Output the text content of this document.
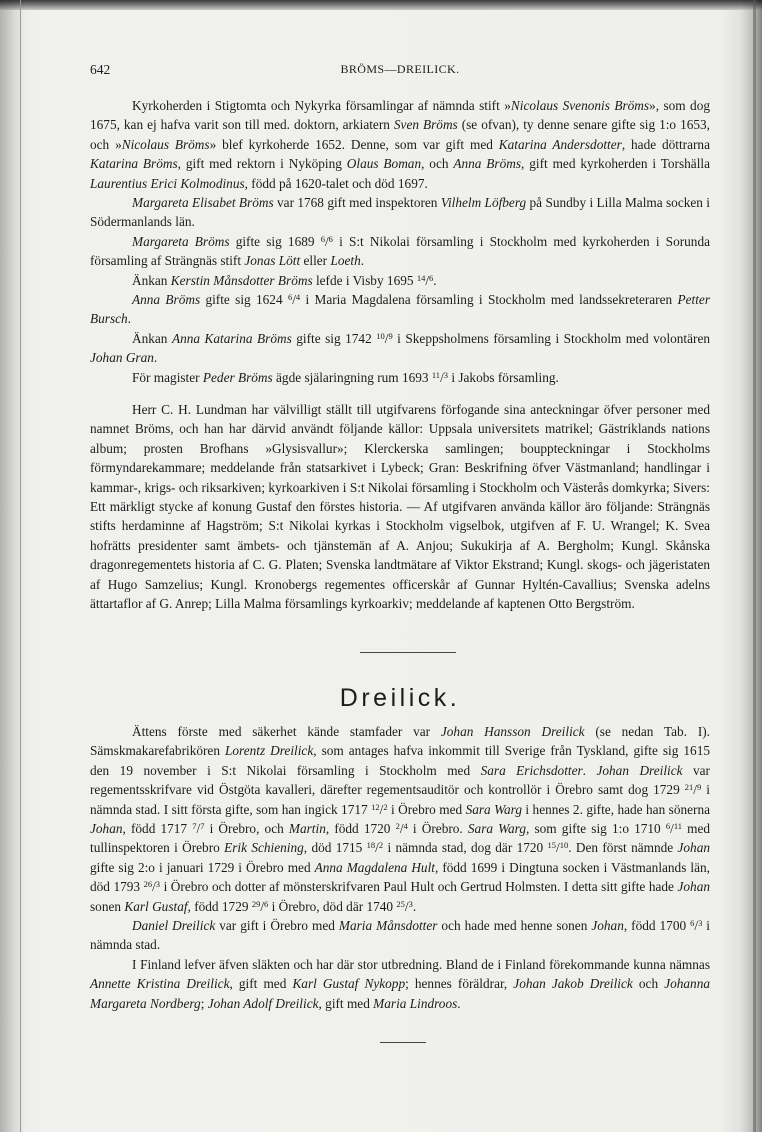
642	BRÖMS—DREILICK.

Kyrkoherden i Stigtomta och Nykyrka församlingar af nämnda stift »Nicolaus Svenonis Bröms», som dog 1675, kan ej hafva varit son till med. doktorn, arkiatern Sven Bröms (se ofvan), ty denne senare gifte sig 1:o 1653, och »Nicolaus Bröms» blef kyrkoherde 1652. Denne, som var gift med Katarina Andersdotter, hade döttrarna Katarina Bröms, gift med rektorn i Nyköping Olaus Boman, och Anna Bröms, gift med kyrkoherden i Torshälla Laurentius Erici Kolmodinus, född på 1620-talet och död 1697.

Margareta Elisabet Bröms var 1768 gift med inspektoren Vilhelm Löfberg på Sundby i Lilla Malma socken i Södermanlands län.

Margareta Bröms gifte sig 1689 $^6$/$^6$ i S:t Nikolai församling i Stockholm med kyrkoherden i Sorunda församling af Strängnäs stift Jonas Lött eller Loeth.

Änkan Kerstin Månsdotter Bröms lefde i Visby 1695 $^{14}$/$^6$.

Anna Bröms gifte sig 1624 $^6$/$^4$ i Maria Magdalena församling i Stockholm med landssekreteraren Petter Bursch.

Änkan Anna Katarina Bröms gifte sig 1742 $^{10}$/$^9$ i Skeppsholmens församling i Stockholm med volontären Johan Gran.

För magister Peder Bröms ägde själaringning rum 1693 $^{11}$/$^3$ i Jakobs församling.

Herr C. H. Lundman har välvilligt ställt till utgifvarens förfogande sina anteckningar öfver personer med namnet Bröms, och han har därvid användt följande källor: Uppsala universitets matrikel; Gästriklands nations album; prosten Brofhans »Glysisvallur»; Klerckerska samlingen; bouppteckningar i Stockholms förmyndarekammare; meddelande från statsarkivet i Lybeck; Gran: Beskrifning öfver Västmanland; handlingar i kammar-, krigs- och riksarkiven; kyrkoarkiven i S:t Nikolai församling i Stockholm och Västerås domkyrka; Sivers: Ett märkligt stycke af konung Gustaf den förstes historia. — Af utgifvaren använda källor äro följande: Strängnäs stifts herdaminne af Hagström; S:t Nikolai kyrkas i Stockholm vigselbok, utgifven af F. U. Wrangel; K. Svea hofrätts presidenter samt ämbets- och tjänstemän af A. Anjou; Sukukirja af A. Bergholm; Kungl. Skånska dragonregementets historia af C. G. Platen; Svenska landtmätare af Viktor Ekstrand; Kungl. skogs- och jägeristaten af Hugo Samzelius; Kungl. Kronobergs regementes officerskår af Gunnar Hyltén-Cavallius; Svenska adelns ättartaflor af G. Anrep; Lilla Malma församlings kyrkoarkiv; meddelande af kaptenen Otto Bergström.

Dreilick.

Ättens förste med säkerhet kände stamfader var Johan Hansson Dreilick (se nedan Tab. I). Sämskmakarefabrikören Lorentz Dreilick, som antages hafva inkommit till Sverige från Tyskland, gifte sig 1615 den 19 november i S:t Nikolai församling i Stockholm med Sara Erichsdotter. Johan Dreilick var regementsskrifvare vid Östgöta kavalleri, därefter regementsauditör och kontrollör i Örebro samt dog 1729 $^{21}$/$^9$ i nämnda stad. I sitt första gifte, som han ingick 1717 $^{12}$/$^2$ i Örebro med Sara Warg i hennes 2. gifte, hade han sönerna Johan, född 1717 $^7$/$^7$ i Örebro, och Martin, född 1720 $^2$/$^4$ i Örebro. Sara Warg, som gifte sig 1:o 1710 $^6$/$^{11}$ med tullinspektoren i Örebro Erik Schiening, död 1715 $^{18}$/$^2$ i nämnda stad, dog där 1720 $^{15}$/$^{10}$. Den först nämnde Johan gifte sig 2:o i januari 1729 i Örebro med Anna Magdalena Hult, född 1699 i Dingtuna socken i Västmanlands län, död 1793 $^{26}$/$^3$ i Örebro och dotter af mönsterskrifvaren Paul Hult och Gertrud Holmsten. I detta sitt gifte hade Johan sonen Karl Gustaf, född 1729 $^{29}$/$^6$ i Örebro, död där 1740 $^{25}$/$^3$.

Daniel Dreilick var gift i Örebro med Maria Månsdotter och hade med henne sonen Johan, född 1700 $^6$/$^3$ i nämnda stad.

I Finland lefver äfven släkten och har där stor utbredning. Bland de i Finland förekommande kunna nämnas Annette Kristina Dreilick, gift med Karl Gustaf Nykopp; hennes föräldrar, Johan Jakob Dreilick och Johanna Margareta Nordberg; Johan Adolf Dreilick, gift med Maria Lindroos.
